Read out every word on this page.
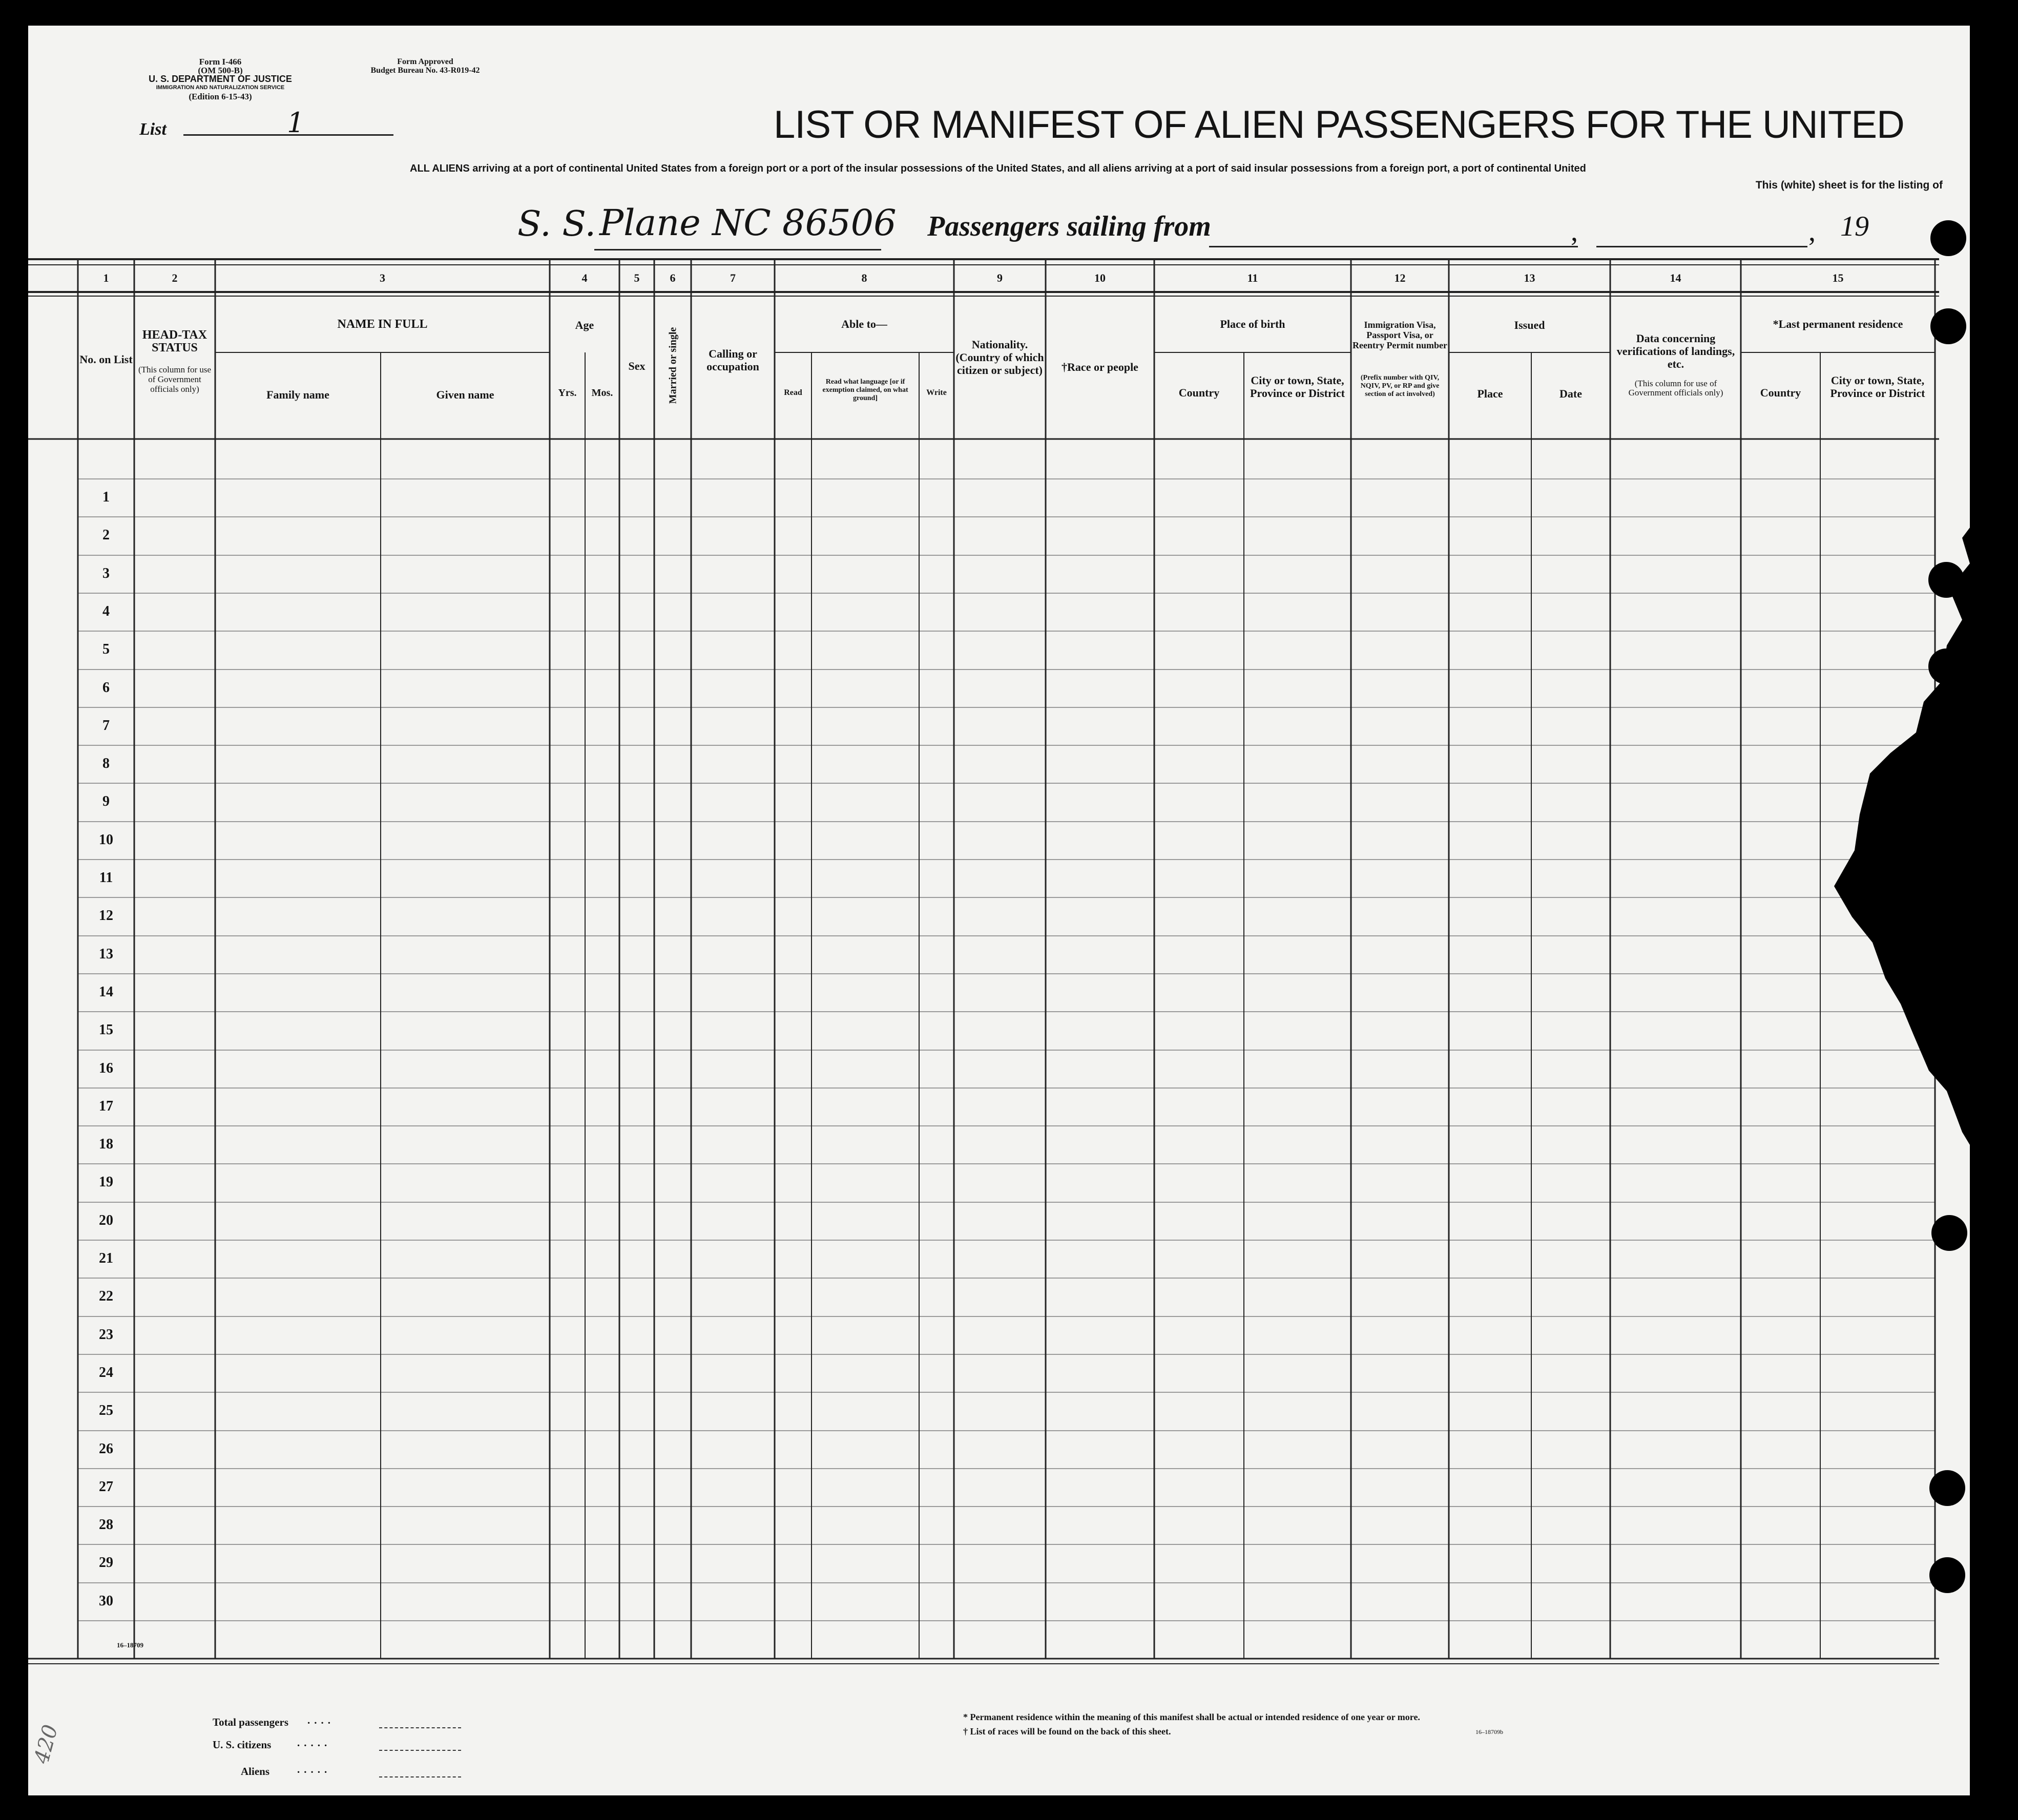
Form I-466
(OM 500-B)
U. S. DEPARTMENT OF JUSTICE
IMMIGRATION AND NATURALIZATION SERVICE
(Edition 6-15-43)
Form Approved
Budget Bureau No. 43-R019-42
List	1	LIST OR MANIFEST OF ALIEN PASSENGERS FOR THE UNITED
ALL ALIENS arriving at a port of continental United States from a foreign port or a port of the insular possessions of the United States, and all aliens arriving at a port of said insular possessions from a foreign port, a port of continental United
This (white) sheet is for the listing of
S. S. Plane NC 86506 Passengers sailing from	,	, 19
1	2	3	4	5	6	7	8	9	10	11	12	13	14	15
No. on List
HEAD-TAX STATUS
(This column for use of Government officials only)
NAME IN FULL
Family name	Given name
Age
Yrs.	Mos.
Sex	Married or single	Calling or occupation
Able to—
Read
Read what language [or if exemption claimed, on what ground]
Write
Nationality. (Country of which citizen or subject)	†Race or people
Place of birth
Country
City or town, State, Province or District
Immigration Visa, Passport Visa, or Reentry Permit number
(Prefix number with QIV, NQIV, PV, or RP and give section of act involved)
Issued
Place	Date
Data concerning verifications of landings, etc.
(This column for use of Government officials only)
*Last permanent residence
Country
City or town, State, Province or District
1
2
3
4
5
6
7
8
9
10
11
12
13
14
15
16
17
18
19
20
21
22
23
24
25
26
27
28
29
30
16–18709
Total passengers ....
U. S. citizens .....
Aliens	.....
* Permanent residence within the meaning of this manifest shall be actual or intended residence of one year or more.
† List of races will be found on the back of this sheet.	16–18709b
420
